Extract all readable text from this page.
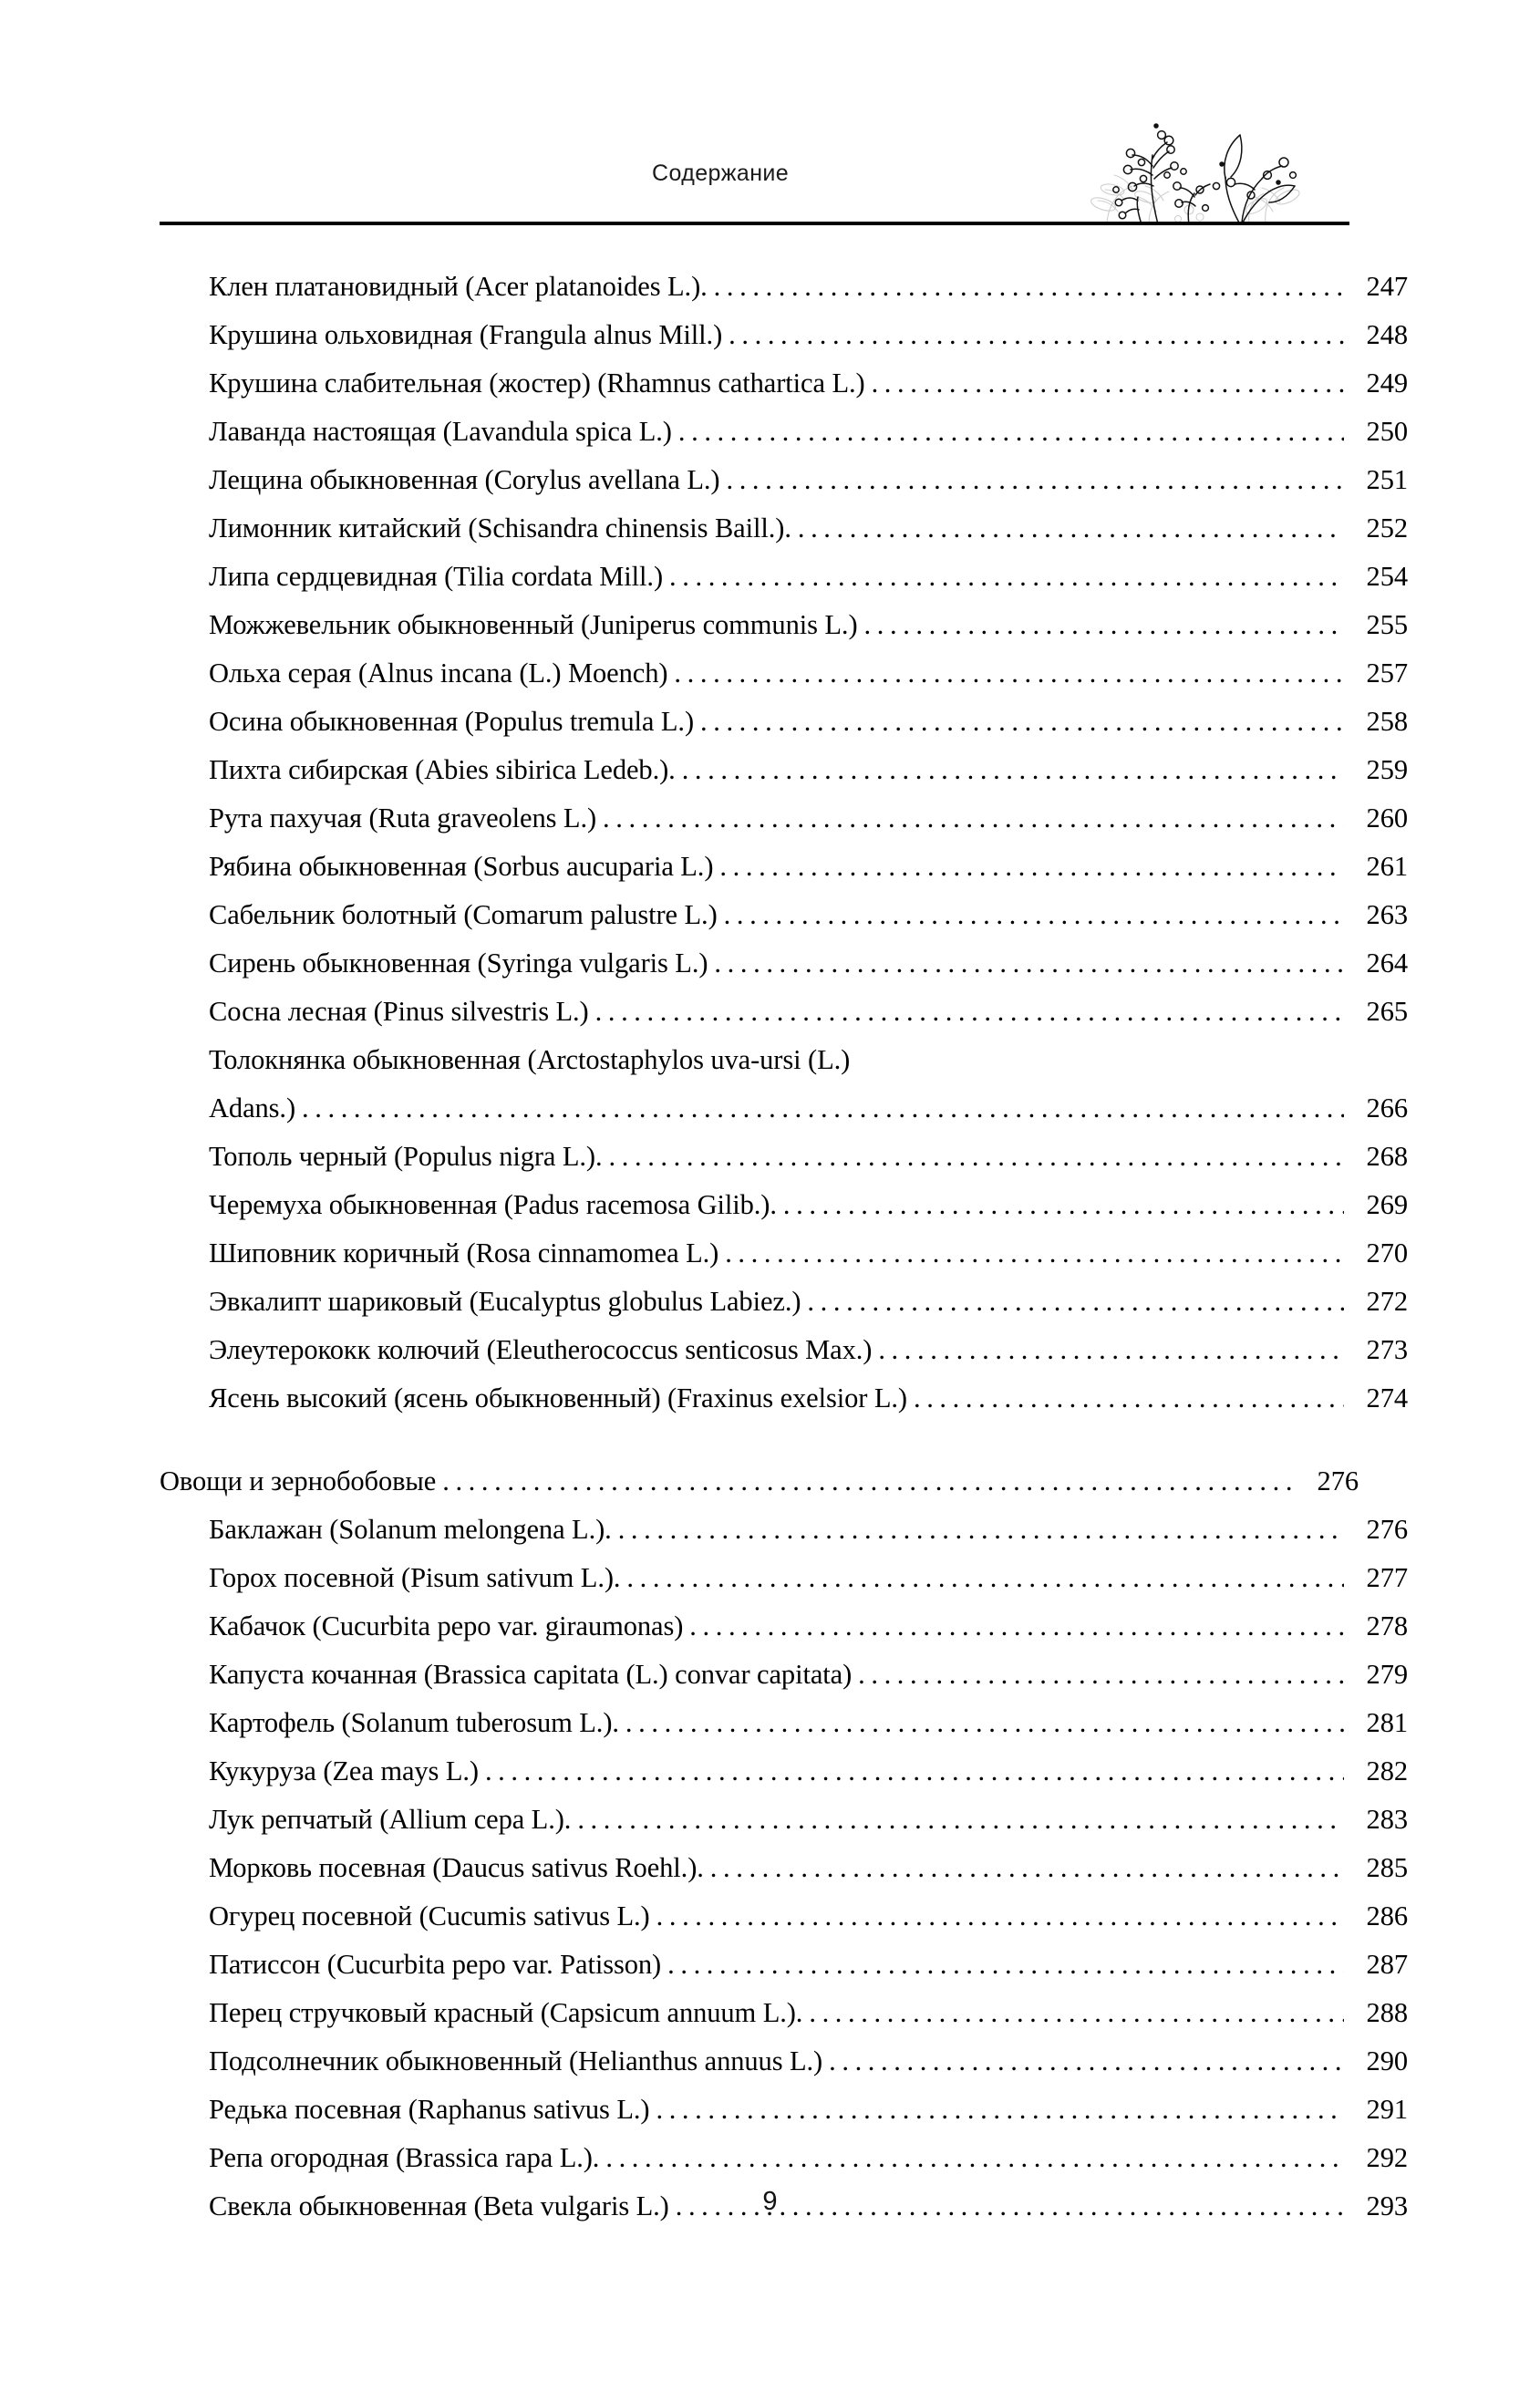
Содержание
Клен платановидный (Acer platanoides L.). .....	247
Крушина ольховидная (Frangula alnus Mill.) .....	248
Крушина слабительная (жостер) (Rhamnus cathartica L.) .....	249
Лаванда настоящая (Lavandula spica L.) .....	250
Лещина обыкновенная (Corylus avellana L.) .....	251
Лимонник китайский (Schisandra chinensis Baill.). .....	252
Липа сердцевидная (Tilia cordata Mill.) .....	254
Можжевельник обыкновенный (Juniperus communis L.) .....	255
Ольха серая (Alnus incana (L.) Moench) .....	257
Осина обыкновенная (Populus tremula L.) .....	258
Пихта сибирская (Abies sibirica Ledeb.). .....	259
Рута пахучая (Ruta graveolens L.) .....	260
Рябина обыкновенная (Sorbus aucuparia L.) .....	261
Сабельник болотный (Comarum palustre L.) .....	263
Сирень обыкновенная (Syringa vulgaris L.) .....	264
Сосна лесная (Pinus silvestris L.) .....	265
Толокнянка обыкновенная (Arctostaphylos uva-ursi (L.)
Adans.) .....	266
Тополь черный (Populus nigra L.). .....	268
Черемуха обыкновенная (Padus racemosa Gilib.). .....	269
Шиповник коричный (Rosa cinnamomea L.) .....	270
Эвкалипт шариковый (Eucalyptus globulus Labiez.) .....	272
Элеутерококк колючий (Eleutherococcus senticosus Max.) .....	273
Ясень высокий (ясень обыкновенный) (Fraxinus exelsior L.) .....	274
Овощи и зернобобовые .....	276
Баклажан (Solanum melongena L.). .....	276
Горох посевной (Pisum sativum L.). .....	277
Кабачок (Cucurbita pepo var. giraumonas) .....	278
Капуста кочанная (Brassica capitata (L.) convar capitata) .....	279
Картофель (Solanum tuberosum L.). .....	281
Кукуруза (Zea mays L.) .....	282
Лук репчатый (Allium cepa L.). .....	283
Морковь посевная (Daucus sativus Roehl.). .....	285
Огурец посевной (Cucumis sativus L.) .....	286
Патиссон (Cucurbita pepo var. Patisson) .....	287
Перец стручковый красный (Capsicum annuum L.). .....	288
Подсолнечник обыкновенный (Helianthus annuus L.) .....	290
Редька посевная (Raphanus sativus L.) .....	291
Репа огородная (Brassica rapa L.). .....	292
Свекла обыкновенная (Beta vulgaris L.) .....	293
9
